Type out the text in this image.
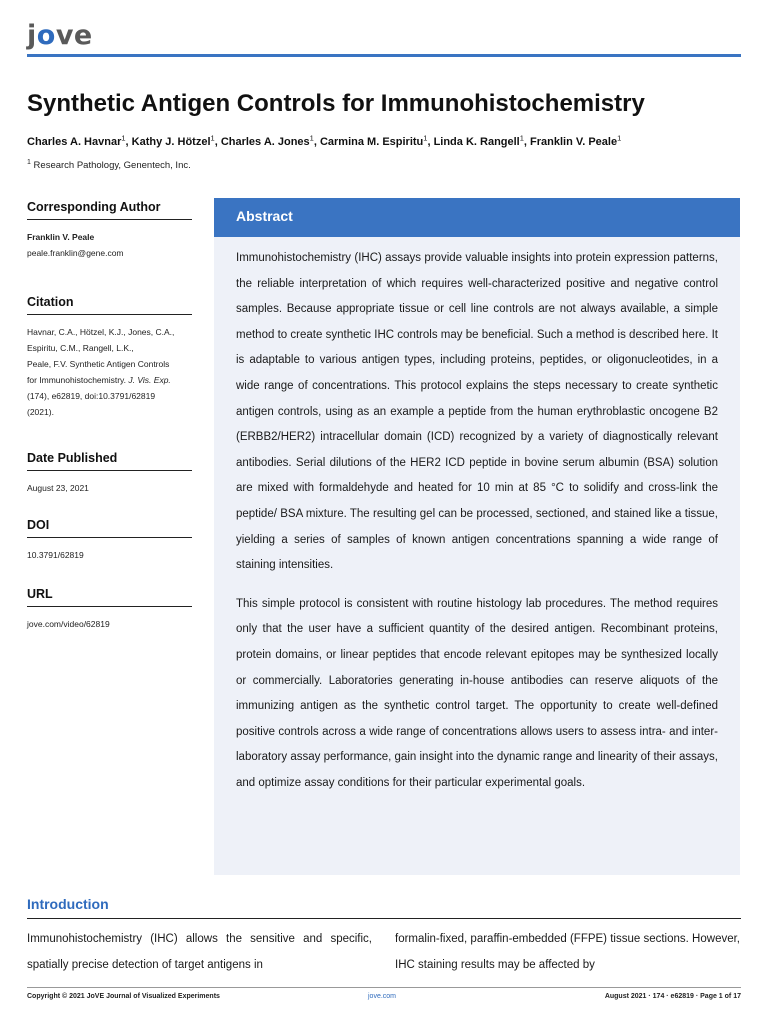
jove
Synthetic Antigen Controls for Immunohistochemistry
Charles A. Havnar$^1$, Kathy J. Hötzel$^1$, Charles A. Jones$^1$, Carmina M. Espiritu$^1$, Linda K. Rangell$^1$, Franklin V. Peale$^1$
$^1$ Research Pathology, Genentech, Inc.
Corresponding Author
Franklin V. Peale
peale.franklin@gene.com
Citation
Havnar, C.A., Hötzel, K.J., Jones, C.A.,
Espiritu, C.M., Rangell, L.K.,
Peale, F.V. Synthetic Antigen Controls
for Immunohistochemistry. J. Vis. Exp.
(174), e62819, doi:10.3791/62819
(2021).
Date Published
August 23, 2021
DOI
10.3791/62819
URL
jove.com/video/62819
Abstract

Immunohistochemistry (IHC) assays provide valuable insights into protein expression patterns, the reliable interpretation of which requires well-characterized positive and negative control samples. Because appropriate tissue or cell line controls are not always available, a simple method to create synthetic IHC controls may be beneficial. Such a method is described here. It is adaptable to various antigen types, including proteins, peptides, or oligonucleotides, in a wide range of concentrations. This protocol explains the steps necessary to create synthetic antigen controls, using as an example a peptide from the human erythroblastic oncogene B2 (ERBB2/HER2) intracellular domain (ICD) recognized by a variety of diagnostically relevant antibodies. Serial dilutions of the HER2 ICD peptide in bovine serum albumin (BSA) solution are mixed with formaldehyde and heated for 10 min at 85 °C to solidify and cross-link the peptide/ BSA mixture. The resulting gel can be processed, sectioned, and stained like a tissue, yielding a series of samples of known antigen concentrations spanning a wide range of staining intensities.

This simple protocol is consistent with routine histology lab procedures. The method requires only that the user have a sufficient quantity of the desired antigen. Recombinant proteins, protein domains, or linear peptides that encode relevant epitopes may be synthesized locally or commercially. Laboratories generating in-house antibodies can reserve aliquots of the immunizing antigen as the synthetic control target. The opportunity to create well-defined positive controls across a wide range of concentrations allows users to assess intra- and inter-laboratory assay performance, gain insight into the dynamic range and linearity of their assays, and optimize assay conditions for their particular experimental goals.

Introduction
Immunohistochemistry (IHC) allows the sensitive and specific, spatially precise detection of target antigens in
formalin-fixed, paraffin-embedded (FFPE) tissue sections. However, IHC staining results may be affected by
Copyright © 2021 JoVE Journal of Visualized Experiments	jove.com	August 2021 · 174 · e62819 · Page 1 of 17
